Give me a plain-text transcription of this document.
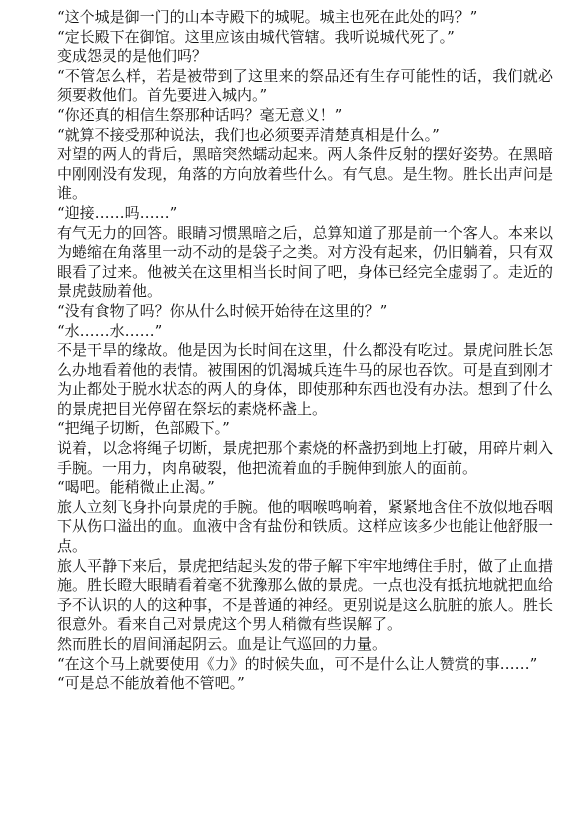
“这个城是御一门的山本寺殿下的城呢。城主也死在此处的吗？”

“定长殿下在御馆。这里应该由城代管辖。我听说城代死了。”

变成怨灵的是他们吗？

“不管怎么样，若是被带到了这里来的祭品还有生存可能性的话，我们就必须要救他们。首先要进入城内。”

“你还真的相信生祭那种话吗？毫无意义！”

“就算不接受那种说法，我们也必须要弄清楚真相是什么。”

对望的两人的背后，黑暗突然蠕动起来。两人条件反射的摆好姿势。在黑暗中刚刚没有发现，角落的方向放着些什么。有气息。是生物。胜长出声问是谁。

“迎接……吗……”

有气无力的回答。眼睛习惯黑暗之后，总算知道了那是前一个客人。本来以为蜷缩在角落里一动不动的是袋子之类。对方没有起来，仍旧躺着，只有双眼看了过来。他被关在这里相当长时间了吧，身体已经完全虚弱了。走近的景虎鼓励着他。

“没有食物了吗？你从什么时候开始待在这里的？”

“水……水……”

不是干旱的缘故。他是因为长时间在这里，什么都没有吃过。景虎问胜长怎么办地看着他的表情。被围困的饥渴城兵连牛马的尿也吞饮。可是直到刚才为止都处于脱水状态的两人的身体，即使那种东西也没有办法。想到了什么的景虎把目光停留在祭坛的素烧杯盏上。

“把绳子切断，色部殿下。”

说着，以念将绳子切断，景虎把那个素烧的杯盏扔到地上打破，用碎片刺入手腕。一用力，肉帛破裂，他把流着血的手腕伸到旅人的面前。

“喝吧。能稍微止止渴。”

旅人立刻飞身扑向景虎的手腕。他的咽喉鸣响着，紧紧地含住不放似地吞咽下从伤口溢出的血。血液中含有盐份和铁质。这样应该多少也能让他舒服一点。

旅人平静下来后，景虎把结起头发的带子解下牢牢地缚住手肘，做了止血措施。胜长瞪大眼睛看着毫不犹豫那么做的景虎。一点也没有抵抗地就把血给予不认识的人的这种事，不是普通的神经。更别说是这么肮脏的旅人。胜长很意外。看来自己对景虎这个男人稍微有些误解了。

然而胜长的眉间涌起阴云。血是让气巡回的力量。

“在这个马上就要使用《力》的时候失血，可不是什么让人赞赏的事……”

“可是总不能放着他不管吧。”
